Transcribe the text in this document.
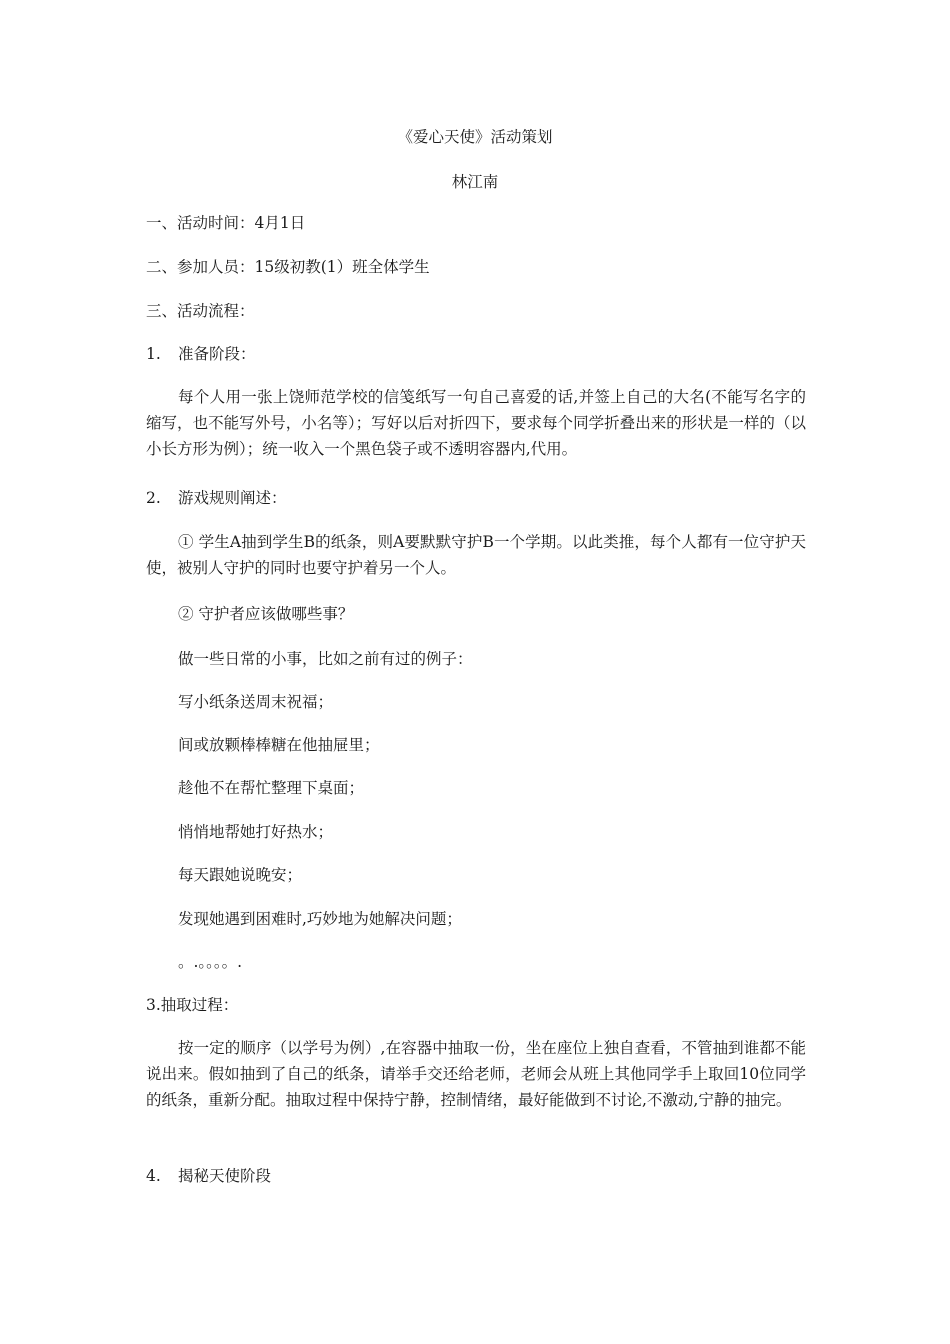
《爱心天使》活动策划
林江南
一、活动时间：4月1日
二、参加人员：15级初教(1）班全体学生
三、活动流程：
1. 准备阶段：
每个人用一张上饶师范学校的信笺纸写一句自己喜爱的话,并签上自己的大名(不能写名字的缩写，也不能写外号，小名等）；写好以后对折四下，要求每个同学折叠出来的形状是一样的（以小长方形为例）；统一收入一个黑色袋子或不透明容器内,代用。
2. 游戏规则阐述：
① 学生A抽到学生B的纸条，则A要默默守护B一个学期。以此类推，每个人都有一位守护天使，被别人守护的同时也要守护着另一个人。
② 守护者应该做哪些事？
做一些日常的小事，比如之前有过的例子：
写小纸条送周末祝福；
间或放颗棒棒糖在他抽屉里；
趁他不在帮忙整理下桌面；
悄悄地帮她打好热水；
每天跟她说晚安；
发现她遇到困难时,巧妙地为她解决问题；
。.。。。。.
3.抽取过程：
按一定的顺序（以学号为例）,在容器中抽取一份，坐在座位上独自查看，不管抽到谁都不能说出来。假如抽到了自己的纸条，请举手交还给老师，老师会从班上其他同学手上取回10位同学的纸条，重新分配。抽取过程中保持宁静，控制情绪，最好能做到不讨论,不激动,宁静的抽完。
4. 揭秘天使阶段
